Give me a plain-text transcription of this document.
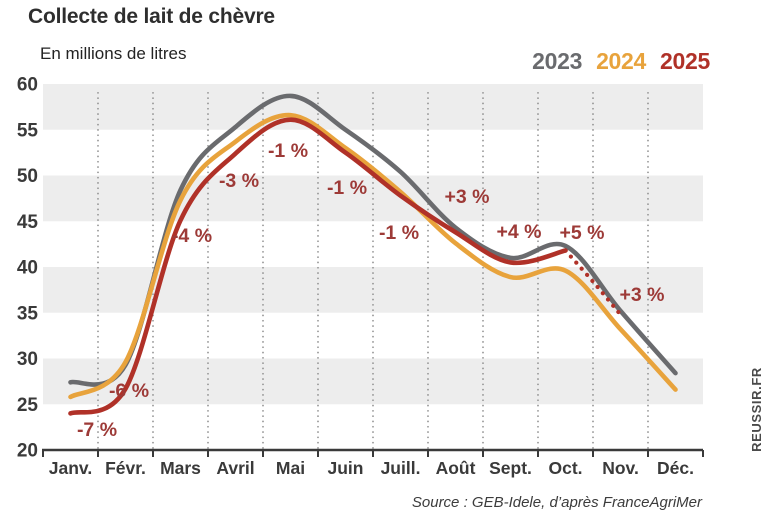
Collecte de lait de chèvre
En millions de litres	2023 2024 2025
Janv. Févr. Mars Avril Mai Juin Juill. Août Sept. Oct. Nov. Déc.
20
25
30
35
40
45
50
55
60
-7 %
-6 %
-4 %
-3 %
-1 %
-1 %
-1 %
+3 %
+4 % +5 %
+3 %
Source : GEB-Idele, d’après FranceAgriMer
REUSSIR.FR
